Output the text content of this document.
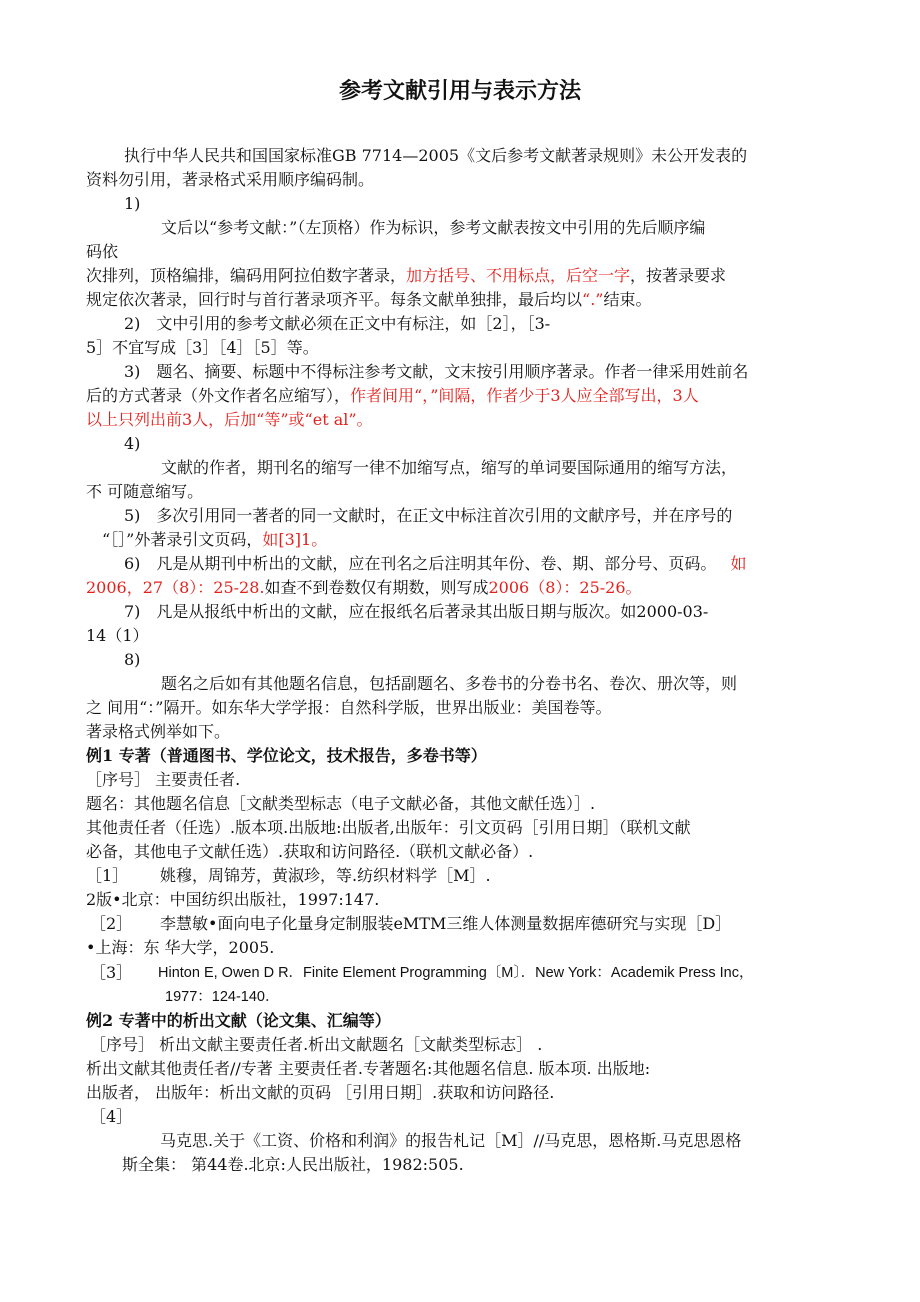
参考文献引用与表示方法
执行中华人民共和国国家标准GB 7714—2005《文后参考文献著录规则》未公开发表的
资料勿引用，著录格式采用顺序编码制。
1)
文后以“参考文献：”（左顶格）作为标识，参考文献表按文中引用的先后顺序编
码依
次排列，顶格编排，编码用阿拉伯数字著录，加方括号、不用标点，后空一字，按著录要求
规定依次著录，回行时与首行著录项齐平。每条文献单独排，最后均以“.”结束。
2)　文中引用的参考文献必须在正文中有标注，如［2］，［3-
5］不宜写成［3］［4］［5］等。
3)　题名、摘要、标题中不得标注参考文献，文末按引用顺序著录。作者一律采用姓前名
后的方式著录（外文作者名应缩写），作者间用“，”间隔，作者少于3人应全部写出，3人
以上只列出前3人，后加“等”或“et al”。
4)
文献的作者，期刊名的缩写一律不加缩写点，缩写的单词要国际通用的缩写方法，
不 可随意缩写。
5)　多次引用同一著者的同一文献时，在正文中标注首次引用的文献序号，并在序号的
“［］”外著录引文页码，如[3]1。
6)　凡是从期刊中析出的文献，应在刊名之后注明其年份、卷、期、部分号、页码。 如
2006，27（8）：25-28.如查不到卷数仅有期数，则写成2006（8）：25-26。
7)　凡是从报纸中析出的文献，应在报纸名后著录其出版日期与版次。如2000-03-
14（1）
8)
题名之后如有其他题名信息，包括副题名、多卷书的分卷书名、卷次、册次等，则
之 间用“：”隔开。如东华大学学报：自然科学版，世界出版业：美国卷等。
著录格式例举如下。
例1 专著（普通图书、学位论文，技术报告，多卷书等）
［序号］ 主要责任者.
题名：其他题名信息［文献类型标志（电子文献必备，其他文献任选）］.
其他责任者（任选）.版本项.出版地:出版者,出版年：引文页码［引用日期］（联机文献
必备，其他电子文献任选）.获取和访问路径.（联机文献必备）.
［1］ 姚穆，周锦芳，黄淑珍，等.纺织材料学［M］.
2版•北京：中国纺织出版社，1997:147.
［2］ 李慧敏•面向电子化量身定制服装eMTM三维人体测量数据库德研究与实现［D］
•上海：东 华大学，2005.
［3］ Hinton E, Owen D R．Finite Element Programming〔M〕．New York：Academik Press Inc，
1977：124-140．
例2 专著中的析出文献（论文集、汇编等）
［序号］ 析出文献主要责任者.析出文献题名［文献类型标志］ .
析出文献其他责任者//专著 主要责任者.专著题名:其他题名信息. 版本项. 出版地:
出版者， 出版年：析出文献的页码 ［引用日期］.获取和访问路径.
［4］
马克思.关于《工资、价格和利润》的报告札记［M］//马克思，恩格斯.马克思恩格
斯全集： 第44卷.北京:人民出版社，1982:505.
